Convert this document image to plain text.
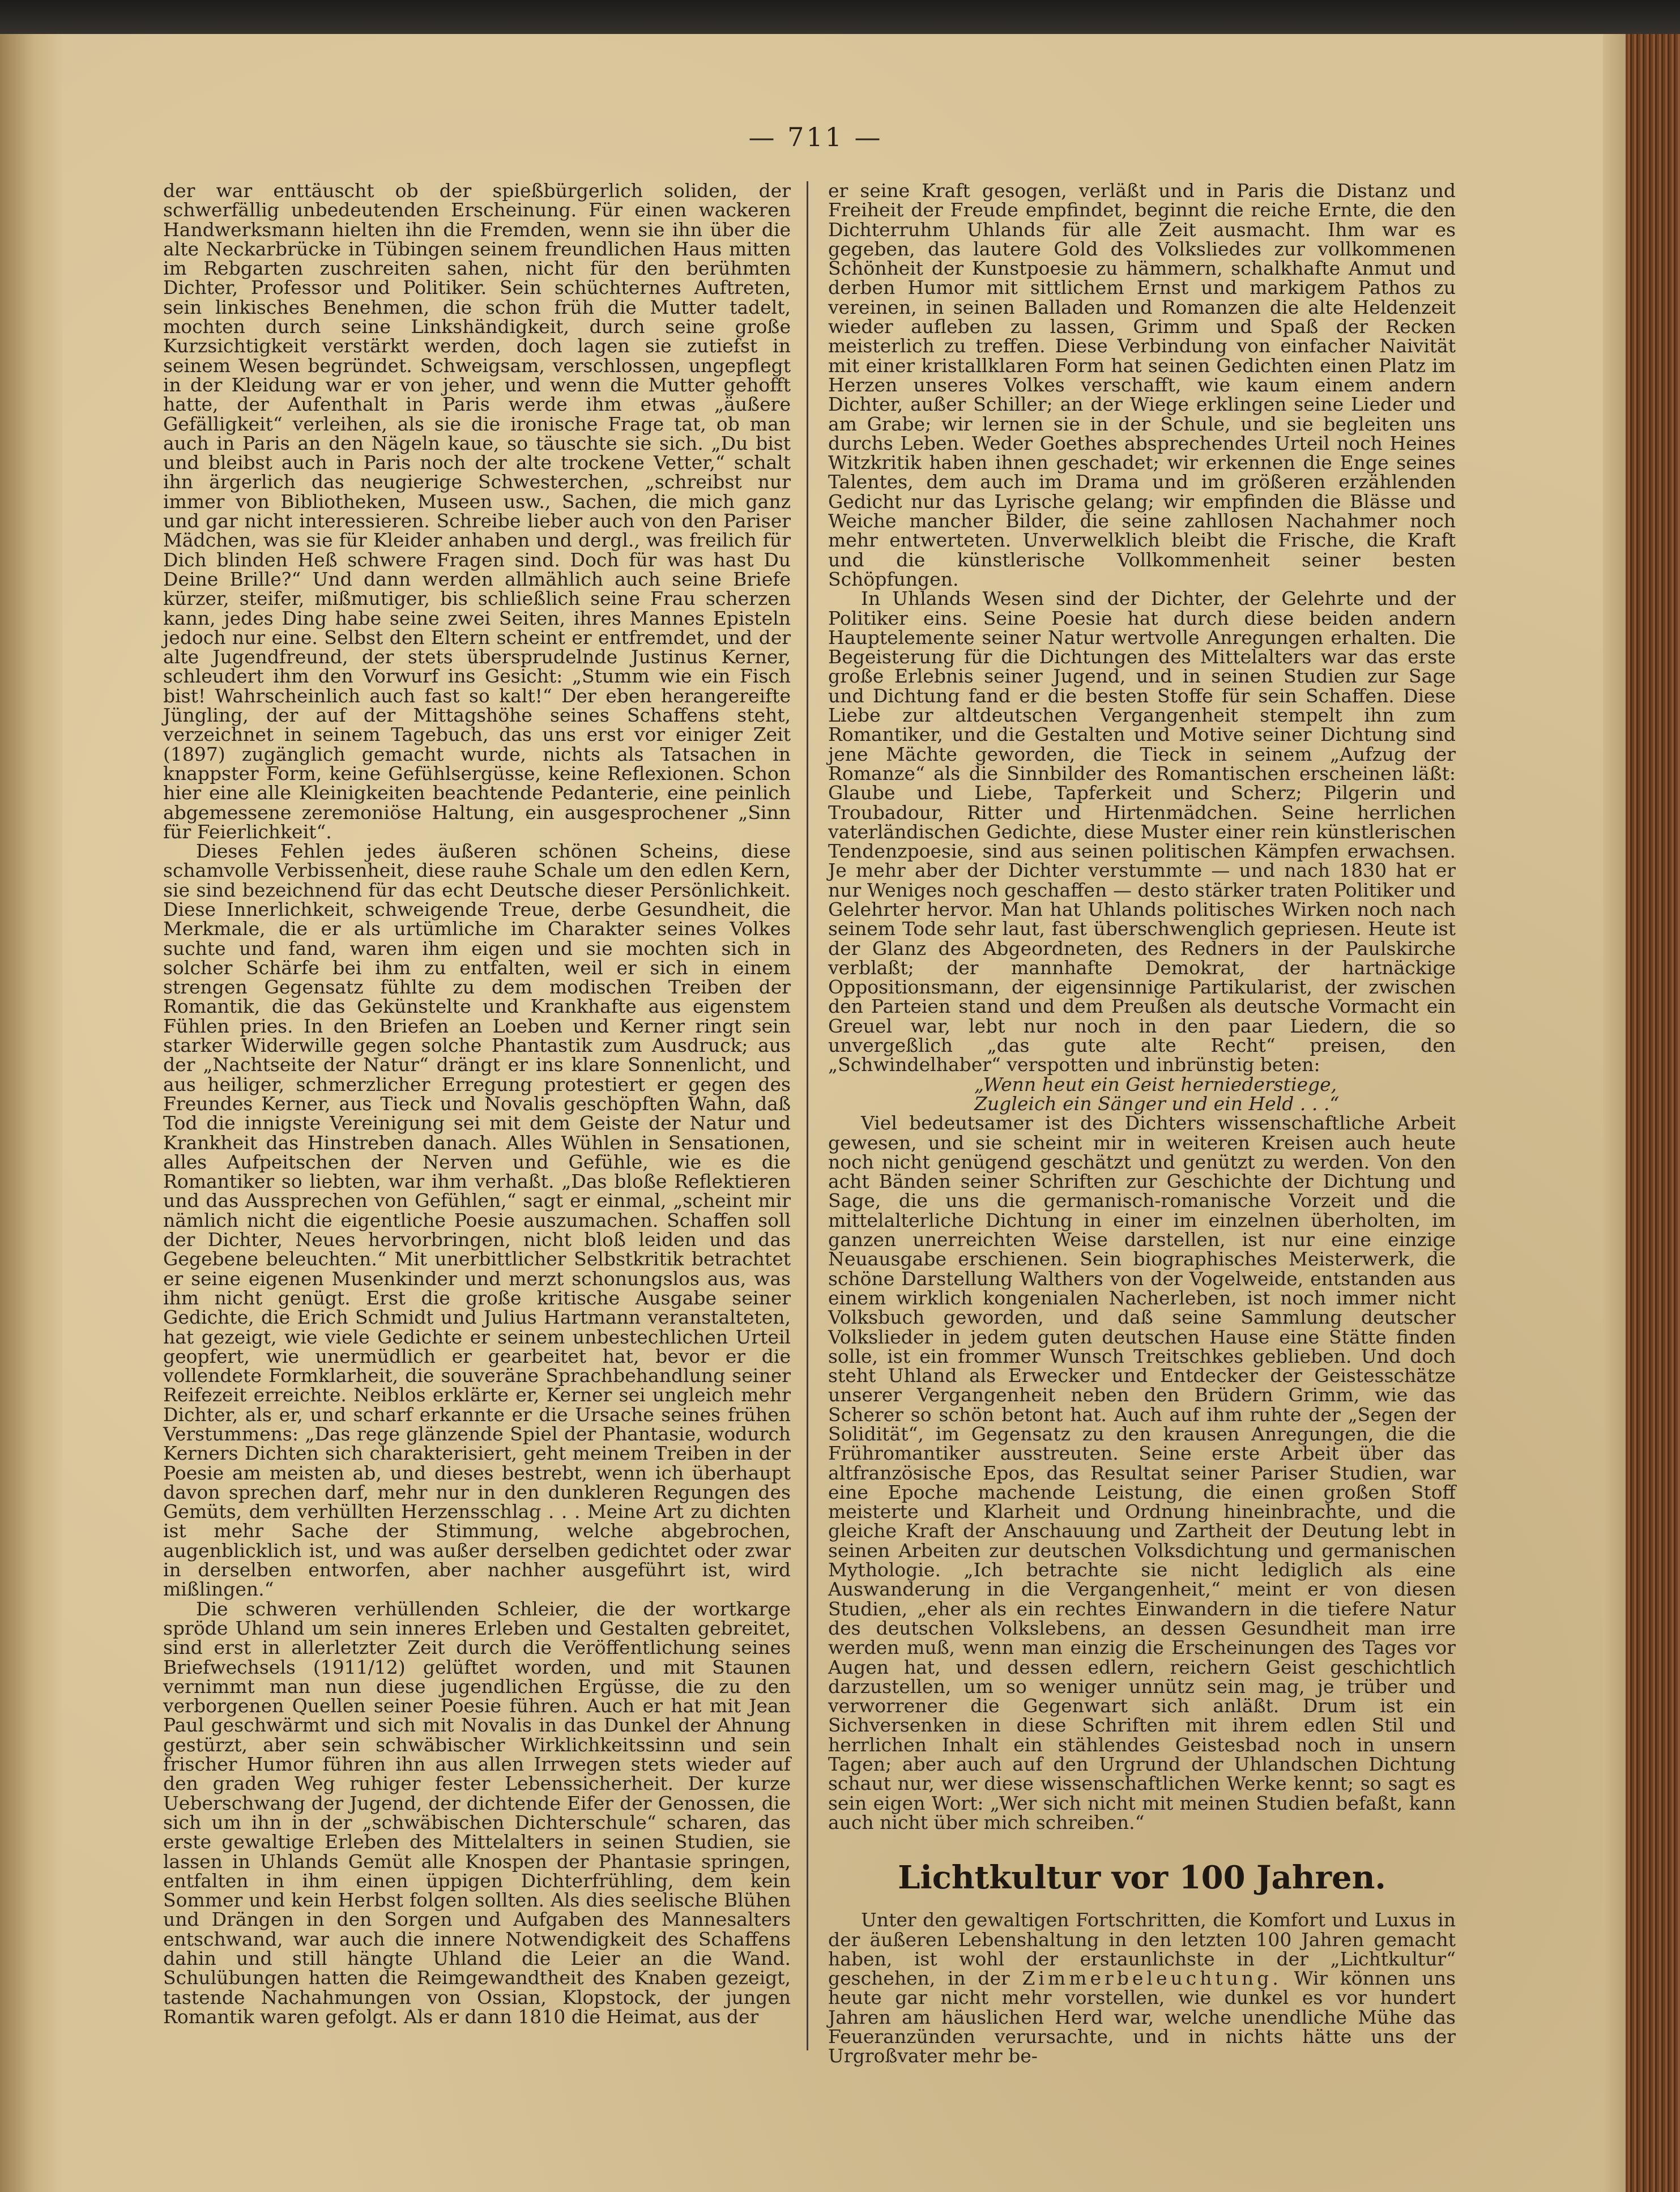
— 711 —

der war enttäuscht ob der spießbürgerlich soliden, der schwerfällig unbedeutenden Erscheinung. Für einen wackeren Handwerksmann hielten ihn die Fremden, wenn sie ihn über die alte Neckarbrücke in Tübingen seinem freundlichen Haus mitten im Rebgarten zuschreiten sahen, nicht für den berühmten Dichter, Professor und Politiker. Sein schüchternes Auftreten, sein linkisches Benehmen, die schon früh die Mutter tadelt, mochten durch seine Linkshändigkeit, durch seine große Kurzsichtigkeit verstärkt werden, doch lagen sie zutiefst in seinem Wesen begründet. Schweigsam, verschlossen, ungepflegt in der Kleidung war er von jeher, und wenn die Mutter gehofft hatte, der Aufenthalt in Paris werde ihm etwas „äußere Gefälligkeit“ verleihen, als sie die ironische Frage tat, ob man auch in Paris an den Nägeln kaue, so täuschte sie sich. „Du bist und bleibst auch in Paris noch der alte trockene Vetter,“ schalt ihn ärgerlich das neugierige Schwesterchen, „schreibst nur immer von Bibliotheken, Museen usw., Sachen, die mich ganz und gar nicht interessieren. Schreibe lieber auch von den Pariser Mädchen, was sie für Kleider anhaben und dergl., was freilich für Dich blinden Heß schwere Fragen sind. Doch für was hast Du Deine Brille?“ Und dann werden allmählich auch seine Briefe kürzer, steifer, mißmutiger, bis schließlich seine Frau scherzen kann, jedes Ding habe seine zwei Seiten, ihres Mannes Episteln jedoch nur eine. Selbst den Eltern scheint er entfremdet, und der alte Jugendfreund, der stets übersprudelnde Justinus Kerner, schleudert ihm den Vorwurf ins Gesicht: „Stumm wie ein Fisch bist! Wahrscheinlich auch fast so kalt!“ Der eben herangereifte Jüngling, der auf der Mittagshöhe seines Schaffens steht, verzeichnet in seinem Tagebuch, das uns erst vor einiger Zeit (1897) zugänglich gemacht wurde, nichts als Tatsachen in knappster Form, keine Gefühlsergüsse, keine Reflexionen. Schon hier eine alle Kleinigkeiten beachtende Pedanterie, eine peinlich abgemessene zeremoniöse Haltung, ein ausgesprochener „Sinn für Feierlichkeit“.

Dieses Fehlen jedes äußeren schönen Scheins, diese schamvolle Verbissenheit, diese rauhe Schale um den edlen Kern, sie sind bezeichnend für das echt Deutsche dieser Persönlichkeit. Diese Innerlichkeit, schweigende Treue, derbe Gesundheit, die Merkmale, die er als urtümliche im Charakter seines Volkes suchte und fand, waren ihm eigen und sie mochten sich in solcher Schärfe bei ihm zu entfalten, weil er sich in einem strengen Gegensatz fühlte zu dem modischen Treiben der Romantik, die das Gekünstelte und Krankhafte aus eigenstem Fühlen pries. In den Briefen an Loeben und Kerner ringt sein starker Widerwille gegen solche Phantastik zum Ausdruck; aus der „Nachtseite der Natur“ drängt er ins klare Sonnenlicht, und aus heiliger, schmerzlicher Erregung protestiert er gegen des Freundes Kerner, aus Tieck und Novalis geschöpften Wahn, daß Tod die innigste Vereinigung sei mit dem Geiste der Natur und Krankheit das Hinstreben danach. Alles Wühlen in Sensationen, alles Aufpeitschen der Nerven und Gefühle, wie es die Romantiker so liebten, war ihm verhaßt. „Das bloße Reflektieren und das Aussprechen von Gefühlen,“ sagt er einmal, „scheint mir nämlich nicht die eigentliche Poesie auszumachen. Schaffen soll der Dichter, Neues hervorbringen, nicht bloß leiden und das Gegebene beleuchten.“ Mit unerbittlicher Selbstkritik betrachtet er seine eigenen Musenkinder und merzt schonungslos aus, was ihm nicht genügt. Erst die große kritische Ausgabe seiner Gedichte, die Erich Schmidt und Julius Hartmann veranstalteten, hat gezeigt, wie viele Gedichte er seinem unbestechlichen Urteil geopfert, wie unermüdlich er gearbeitet hat, bevor er die vollendete Formklarheit, die souveräne Sprachbehandlung seiner Reifezeit erreichte. Neiblos erklärte er, Kerner sei ungleich mehr Dichter, als er, und scharf erkannte er die Ursache seines frühen Verstummens: „Das rege glänzende Spiel der Phantasie, wodurch Kerners Dichten sich charakterisiert, geht meinem Treiben in der Poesie am meisten ab, und dieses bestrebt, wenn ich überhaupt davon sprechen darf, mehr nur in den dunkleren Regungen des Gemüts, dem verhüllten Herzensschlag . . . Meine Art zu dichten ist mehr Sache der Stimmung, welche abgebrochen, augenblicklich ist, und was außer derselben gedichtet oder zwar in derselben entworfen, aber nachher ausgeführt ist, wird mißlingen.“

Die schweren verhüllenden Schleier, die der wortkarge spröde Uhland um sein inneres Erleben und Gestalten gebreitet, sind erst in allerletzter Zeit durch die Veröffentlichung seines Briefwechsels (1911/12) gelüftet worden, und mit Staunen vernimmt man nun diese jugendlichen Ergüsse, die zu den verborgenen Quellen seiner Poesie führen. Auch er hat mit Jean Paul geschwärmt und sich mit Novalis in das Dunkel der Ahnung gestürzt, aber sein schwäbischer Wirklichkeitssinn und sein frischer Humor führen ihn aus allen Irrwegen stets wieder auf den graden Weg ruhiger fester Lebenssicherheit. Der kurze Ueberschwang der Jugend, der dichtende Eifer der Genossen, die sich um ihn in der „schwäbischen Dichterschule“ scharen, das erste gewaltige Erleben des Mittelalters in seinen Studien, sie lassen in Uhlands Gemüt alle Knospen der Phantasie springen, entfalten in ihm einen üppigen Dichterfrühling, dem kein Sommer und kein Herbst folgen sollten. Als dies seelische Blühen und Drängen in den Sorgen und Aufgaben des Mannesalters entschwand, war auch die innere Notwendigkeit des Schaffens dahin und still hängte Uhland die Leier an die Wand. Schulübungen hatten die Reimgewandtheit des Knaben gezeigt, tastende Nachahmungen von Ossian, Klopstock, der jungen Romantik waren gefolgt. Als er dann 1810 die Heimat, aus der

er seine Kraft gesogen, verläßt und in Paris die Distanz und Freiheit der Freude empfindet, beginnt die reiche Ernte, die den Dichterruhm Uhlands für alle Zeit ausmacht. Ihm war es gegeben, das lautere Gold des Volksliedes zur vollkommenen Schönheit der Kunstpoesie zu hämmern, schalkhafte Anmut und derben Humor mit sittlichem Ernst und markigem Pathos zu vereinen, in seinen Balladen und Romanzen die alte Heldenzeit wieder aufleben zu lassen, Grimm und Spaß der Recken meisterlich zu treffen. Diese Verbindung von einfacher Naivität mit einer kristallklaren Form hat seinen Gedichten einen Platz im Herzen unseres Volkes verschafft, wie kaum einem andern Dichter, außer Schiller; an der Wiege erklingen seine Lieder und am Grabe; wir lernen sie in der Schule, und sie begleiten uns durchs Leben. Weder Goethes absprechendes Urteil noch Heines Witzkritik haben ihnen geschadet; wir erkennen die Enge seines Talentes, dem auch im Drama und im größeren erzählenden Gedicht nur das Lyrische gelang; wir empfinden die Blässe und Weiche mancher Bilder, die seine zahllosen Nachahmer noch mehr entwerteten. Unverwelklich bleibt die Frische, die Kraft und die künstlerische Vollkommenheit seiner besten Schöpfungen.

In Uhlands Wesen sind der Dichter, der Gelehrte und der Politiker eins. Seine Poesie hat durch diese beiden andern Hauptelemente seiner Natur wertvolle Anregungen erhalten. Die Begeisterung für die Dichtungen des Mittelalters war das erste große Erlebnis seiner Jugend, und in seinen Studien zur Sage und Dichtung fand er die besten Stoffe für sein Schaffen. Diese Liebe zur altdeutschen Vergangenheit stempelt ihn zum Romantiker, und die Gestalten und Motive seiner Dichtung sind jene Mächte geworden, die Tieck in seinem „Aufzug der Romanze“ als die Sinnbilder des Romantischen erscheinen läßt: Glaube und Liebe, Tapferkeit und Scherz; Pilgerin und Troubadour, Ritter und Hirtenmädchen. Seine herrlichen vaterländischen Gedichte, diese Muster einer rein künstlerischen Tendenzpoesie, sind aus seinen politischen Kämpfen erwachsen. Je mehr aber der Dichter verstummte — und nach 1830 hat er nur Weniges noch geschaffen — desto stärker traten Politiker und Gelehrter hervor. Man hat Uhlands politisches Wirken noch nach seinem Tode sehr laut, fast überschwenglich gepriesen. Heute ist der Glanz des Abgeordneten, des Redners in der Paulskirche verblaßt; der mannhafte Demokrat, der hartnäckige Oppositionsmann, der eigensinnige Partikularist, der zwischen den Parteien stand und dem Preußen als deutsche Vormacht ein Greuel war, lebt nur noch in den paar Liedern, die so unvergeßlich „das gute alte Recht“ preisen, den „Schwindelhaber“ verspotten und inbrünstig beten:

„Wenn heut ein Geist herniederstiege,

Zugleich ein Sänger und ein Held . . .“

Viel bedeutsamer ist des Dichters wissenschaftliche Arbeit gewesen, und sie scheint mir in weiteren Kreisen auch heute noch nicht genügend geschätzt und genützt zu werden. Von den acht Bänden seiner Schriften zur Geschichte der Dichtung und Sage, die uns die germanisch-romanische Vorzeit und die mittelalterliche Dichtung in einer im einzelnen überholten, im ganzen unerreichten Weise darstellen, ist nur eine einzige Neuausgabe erschienen. Sein biographisches Meisterwerk, die schöne Darstellung Walthers von der Vogelweide, entstanden aus einem wirklich kongenialen Nacherleben, ist noch immer nicht Volksbuch geworden, und daß seine Sammlung deutscher Volkslieder in jedem guten deutschen Hause eine Stätte finden solle, ist ein frommer Wunsch Treitschkes geblieben. Und doch steht Uhland als Erwecker und Entdecker der Geistesschätze unserer Vergangenheit neben den Brüdern Grimm, wie das Scherer so schön betont hat. Auch auf ihm ruhte der „Segen der Solidität“, im Gegensatz zu den krausen Anregungen, die die Frühromantiker ausstreuten. Seine erste Arbeit über das altfranzösische Epos, das Resultat seiner Pariser Studien, war eine Epoche machende Leistung, die einen großen Stoff meisterte und Klarheit und Ordnung hineinbrachte, und die gleiche Kraft der Anschauung und Zartheit der Deutung lebt in seinen Arbeiten zur deutschen Volksdichtung und germanischen Mythologie. „Ich betrachte sie nicht lediglich als eine Auswanderung in die Vergangenheit,“ meint er von diesen Studien, „eher als ein rechtes Einwandern in die tiefere Natur des deutschen Volkslebens, an dessen Gesundheit man irre werden muß, wenn man einzig die Erscheinungen des Tages vor Augen hat, und dessen edlern, reichern Geist geschichtlich darzustellen, um so weniger unnütz sein mag, je trüber und verworrener die Gegenwart sich anläßt. Drum ist ein Sichversenken in diese Schriften mit ihrem edlen Stil und herrlichen Inhalt ein stählendes Geistesbad noch in unsern Tagen; aber auch auf den Urgrund der Uhlandschen Dichtung schaut nur, wer diese wissenschaftlichen Werke kennt; so sagt es sein eigen Wort: „Wer sich nicht mit meinen Studien befaßt, kann auch nicht über mich schreiben.“

Lichtkultur vor 100 Jahren.

Unter den gewaltigen Fortschritten, die Komfort und Luxus in der äußeren Lebenshaltung in den letzten 100 Jahren gemacht haben, ist wohl der erstaunlichste in der „Lichtkultur“ geschehen, in der Zimmerbeleuchtung. Wir können uns heute gar nicht mehr vorstellen, wie dunkel es vor hundert Jahren am häuslichen Herd war, welche unendliche Mühe das Feueranzünden verursachte, und in nichts hätte uns der Urgroßvater mehr be-
